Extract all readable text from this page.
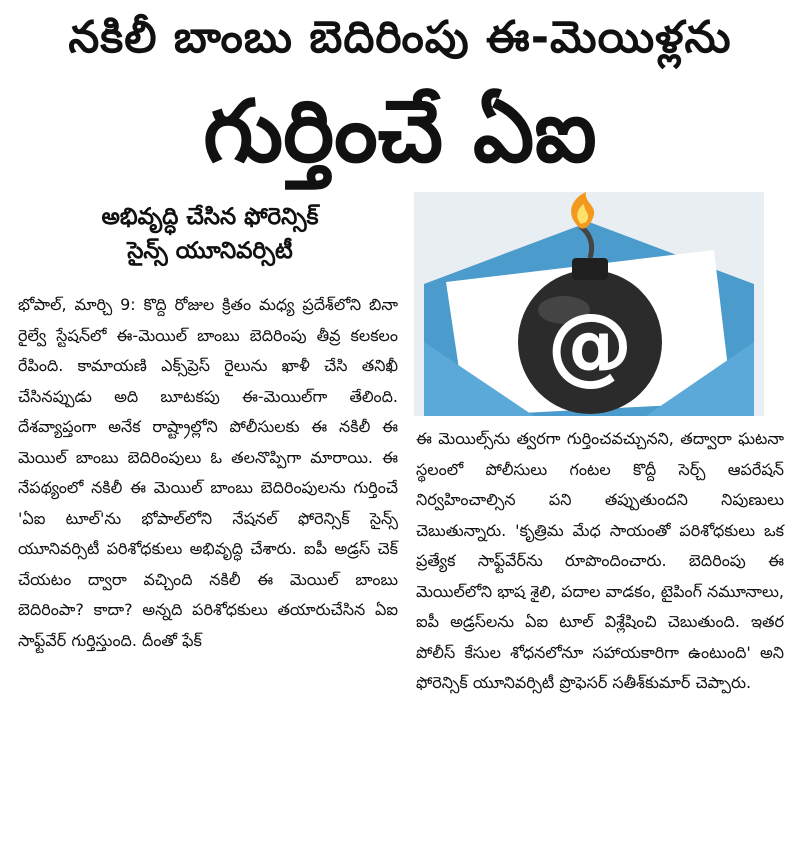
నకిలీ బాంబు బెదిరింపు ఈ-మెయిళ్లను
గుర్తించే ఏఐ
అభివృద్ధి చేసిన ఫోరెన్సిక్
సైన్స్ యూనివర్సిటీ
@
భోపాల్, మార్చి 9: కొద్ది రోజుల క్రితం మధ్య ప్రదేశ్‌లోని బినా రైల్వే స్టేషన్‌లో ఈ-మెయిల్ బాంబు బెదిరింపు తీవ్ర కలకలం రేపింది. కామాయణి ఎక్స్‌ప్రెస్ రైలును ఖాళీ చేసి తనిఖీ చేసినప్పుడు అది బూటకపు ఈ-మెయిల్‌గా తేలింది. దేశవ్యాప్తంగా అనేక రాష్ట్రాల్లోని పోలీసులకు ఈ నకిలీ ఈ మెయిల్ బాంబు బెదిరింపులు ఓ తలనొప్పిగా మారాయి. ఈ నేపథ్యంలో నకిలీ ఈ మెయిల్ బాంబు బెదిరింపులను గుర్తించే 'ఏఐ టూల్'ను భోపాల్‌లోని నేషనల్ ఫోరెన్సిక్ సైన్స్ యూనివర్సిటీ పరిశోధకులు అభివృద్ధి చేశారు. ఐపీ అడ్రస్ చెక్ చేయటం ద్వారా వచ్చింది నకిలీ ఈ మెయిల్ బాంబు బెదిరింపా? కాదా? అన్నది పరిశోధకులు తయారుచేసిన ఏఐ సాఫ్ట్‌వేర్ గుర్తిస్తుంది. దీంతో ఫేక్
ఈ మెయిల్స్‌ను త్వరగా గుర్తించవచ్చునని, తద్వారా ఘటనా స్థలంలో పోలీసులు గంటల కొద్దీ సెర్చ్ ఆపరేషన్ నిర్వహించాల్సిన పని తప్పుతుందని నిపుణులు చెబుతున్నారు. 'కృత్రిమ మేధ సాయంతో పరిశోధకులు ఒక ప్రత్యేక సాఫ్ట్‌వేర్‌ను రూపొందించారు. బెదిరింపు ఈ మెయిల్‌లోని భాష శైలి, పదాల వాడకం, టైపింగ్ నమూనాలు, ఐపీ అడ్రస్‌లను ఏఐ టూల్ విశ్లేషించి చెబుతుంది. ఇతర పోలీస్ కేసుల శోధనలోనూ సహాయకారిగా ఉంటుంది' అని ఫోరెన్సిక్ యూనివర్సిటీ ప్రొఫెసర్ సతీశ్‌కుమార్ చెప్పారు.
